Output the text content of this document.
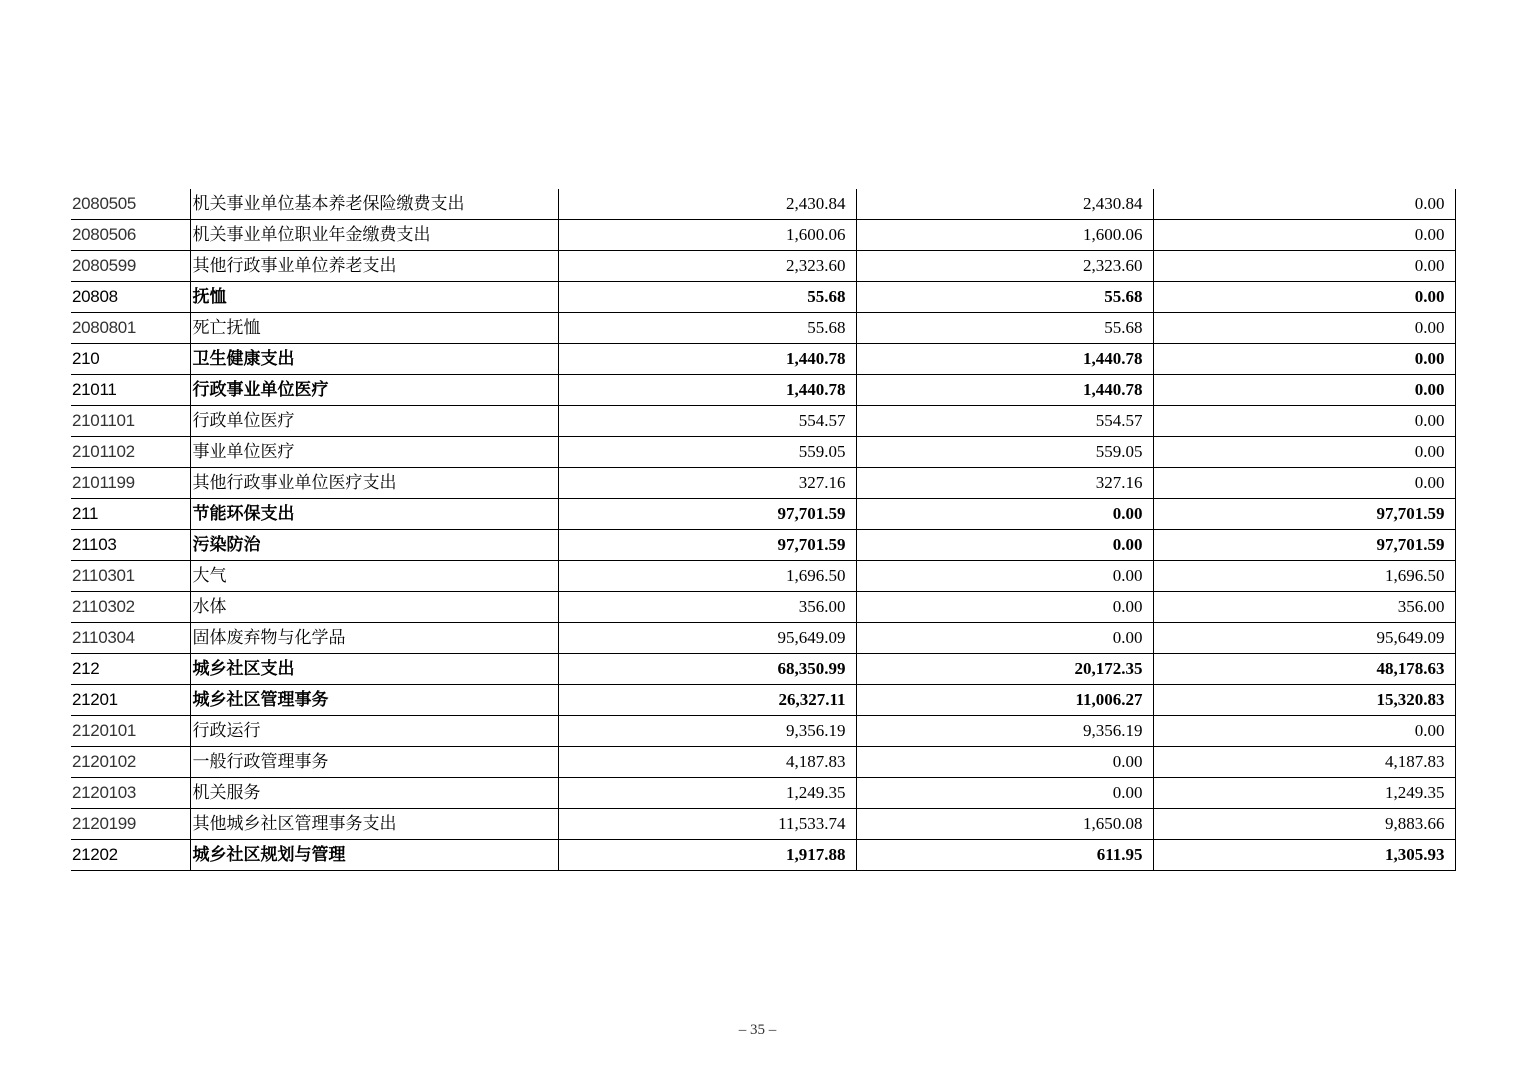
2080505	机关事业单位基本养老保险缴费支出	2,430.84	2,430.84	0.00
2080506	机关事业单位职业年金缴费支出	1,600.06	1,600.06	0.00
2080599	其他行政事业单位养老支出	2,323.60	2,323.60	0.00
20808	抚恤	55.68	55.68	0.00
2080801	死亡抚恤	55.68	55.68	0.00
210	卫生健康支出	1,440.78	1,440.78	0.00
21011	行政事业单位医疗	1,440.78	1,440.78	0.00
2101101	行政单位医疗	554.57	554.57	0.00
2101102	事业单位医疗	559.05	559.05	0.00
2101199	其他行政事业单位医疗支出	327.16	327.16	0.00
211	节能环保支出	97,701.59	0.00	97,701.59
21103	污染防治	97,701.59	0.00	97,701.59
2110301	大气	1,696.50	0.00	1,696.50
2110302	水体	356.00	0.00	356.00
2110304	固体废弃物与化学品	95,649.09	0.00	95,649.09
212	城乡社区支出	68,350.99	20,172.35	48,178.63
21201	城乡社区管理事务	26,327.11	11,006.27	15,320.83
2120101	行政运行	9,356.19	9,356.19	0.00
2120102	一般行政管理事务	4,187.83	0.00	4,187.83
2120103	机关服务	1,249.35	0.00	1,249.35
2120199	其他城乡社区管理事务支出	11,533.74	1,650.08	9,883.66
21202	城乡社区规划与管理	1,917.88	611.95	1,305.93
– 35 –
